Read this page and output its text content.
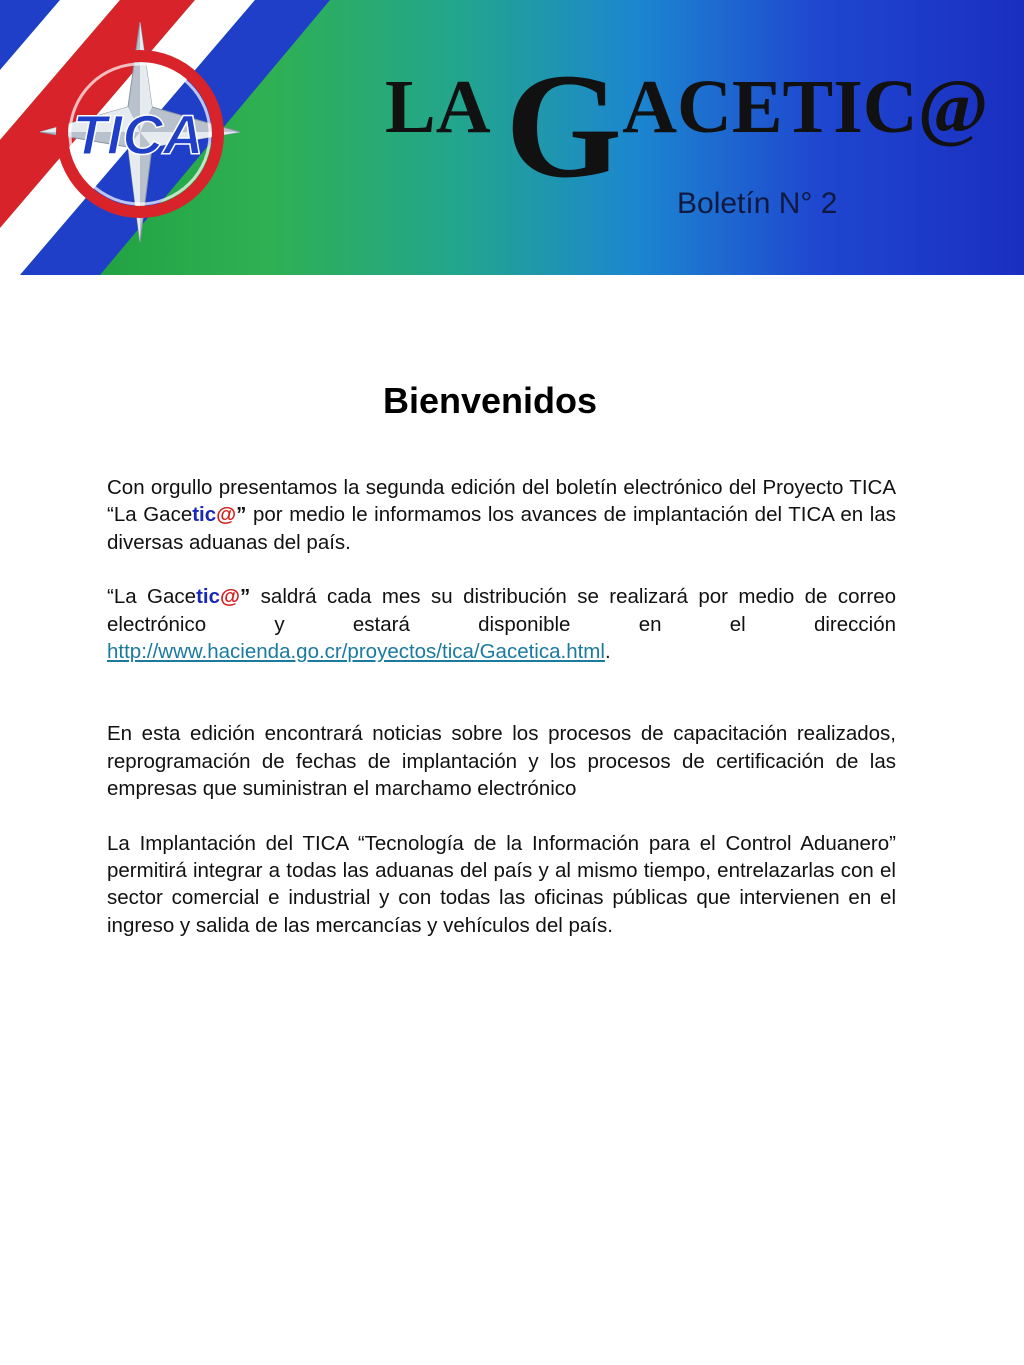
TICA LA GACETIC@
Boletín N° 2
Bienvenidos

Con orgullo presentamos la segunda edición del boletín electrónico del Proyecto TICA “La Gacetic@” por medio le informamos los avances de implantación del TICA en las diversas aduanas del país.

“La Gacetic@” saldrá cada mes su distribución se realizará por medio de correo electrónico y estará disponible en el dirección http://www.hacienda.go.cr/proyectos/tica/Gacetica.html.

En esta edición encontrará noticias sobre los procesos de capacitación realizados, reprogramación de fechas de implantación y los procesos de certificación de las empresas que suministran el marchamo electrónico

La Implantación del TICA “Tecnología de la Información para el Control Aduanero” permitirá integrar a todas las aduanas del país y al mismo tiempo, entrelazarlas con el sector comercial e industrial y con todas las oficinas públicas que intervienen en el ingreso y salida de las mercancías y vehículos del país.
